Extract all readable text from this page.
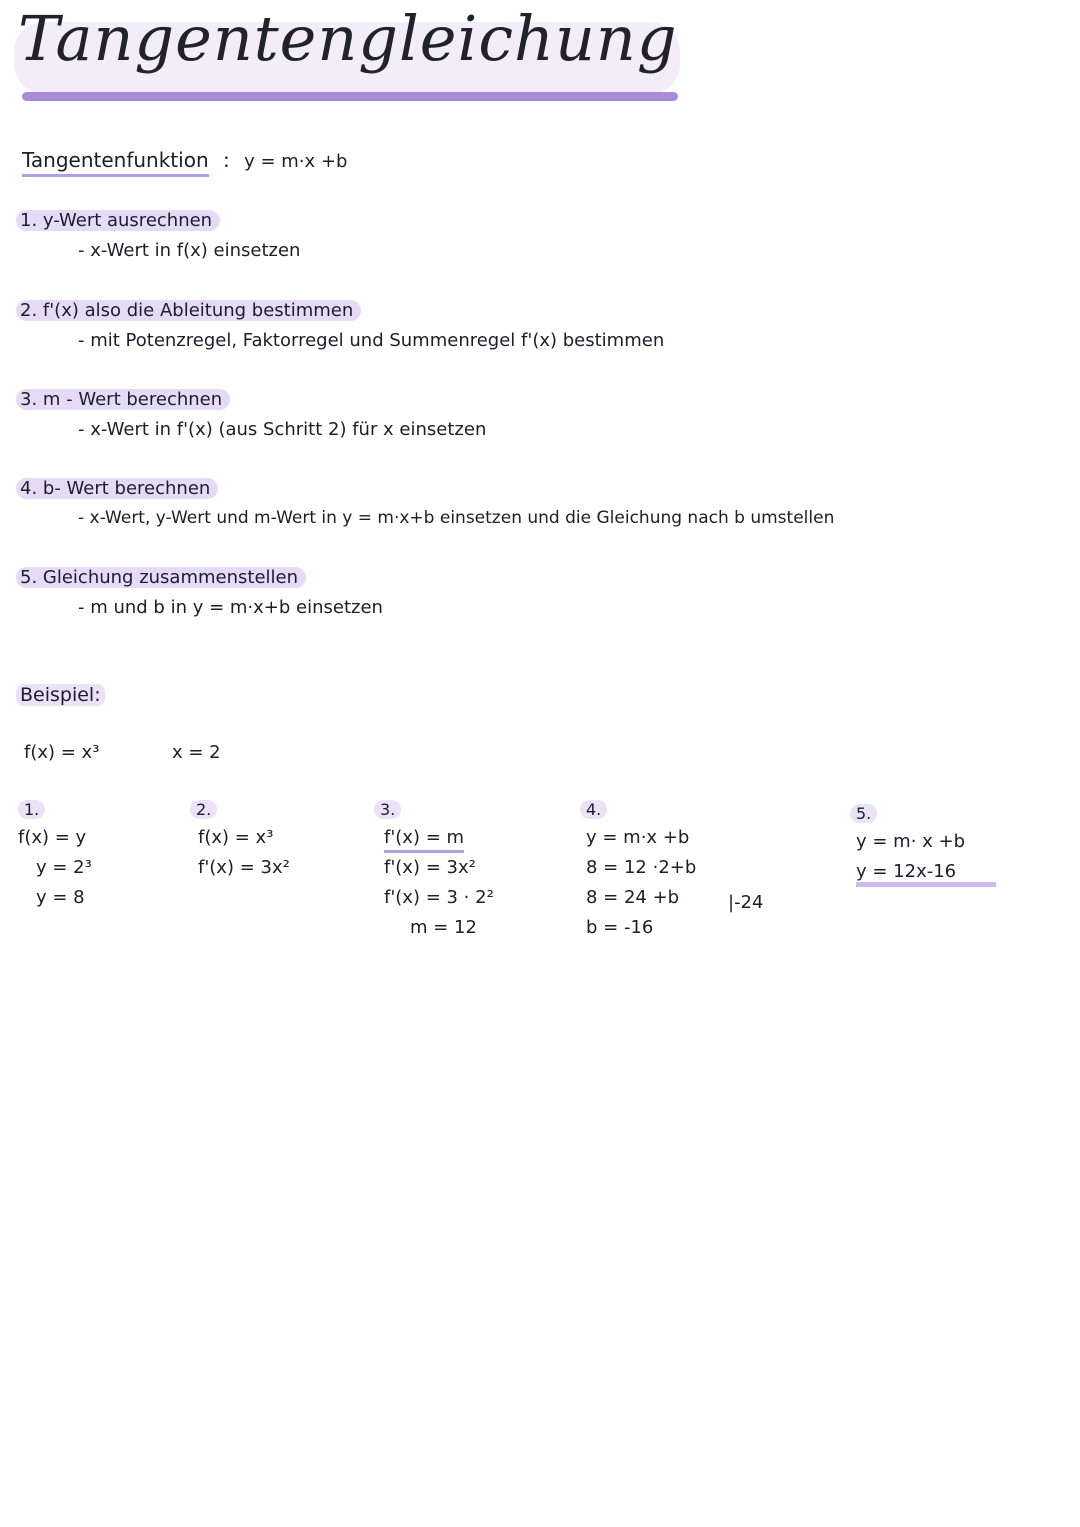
Tangentengleichung
Tangentenfunktion : y = m·x +b
1. y-Wert ausrechnen
- x-Wert in f(x) einsetzen
2. f'(x) also die Ableitung bestimmen
- mit Potenzregel, Faktorregel und Summenregel f'(x) bestimmen
3. m - Wert berechnen
- x-Wert in f'(x) (aus Schritt 2) für x einsetzen
4. b- Wert berechnen
- x-Wert, y-Wert und m-Wert in y = m·x+b einsetzen und die Gleichung nach b umstellen
5. Gleichung zusammenstellen
- m und b in y = m·x+b einsetzen
Beispiel:
f(x) = x³	x = 2
1.
f(x) = y
y = 2³
y = 8
2.
f(x) = x³
f'(x) = 3x²
3.
f'(x) = m
f'(x) = 3x²
f'(x) = 3 · 2²
m = 12
4.
y = m·x +b
8 = 12 ·2+b
8 = 24 +b
b = -16
|-24
5.
y = m· x +b
y = 12x-16
